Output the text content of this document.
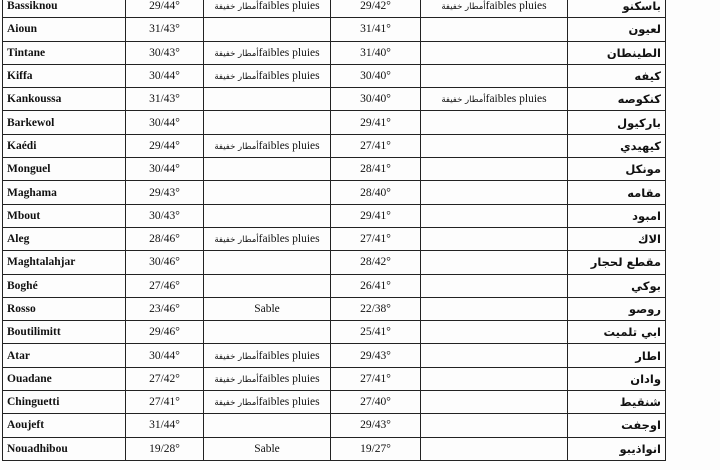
Bassiknou	29/44°	أمطار خفيفةfaibles pluies	29/42°	أمطار خفيفةfaibles pluies	باسكنو
Aioun	31/43°		31/41°		لعيون
Tintane	30/43°	أمطار خفيفةfaibles pluies	31/40°		الطينطان
Kiffa	30/44°	أمطار خفيفةfaibles pluies	30/40°		كيفه
Kankoussa	31/43°		30/40°	أمطار خفيفةfaibles pluies	كنكوصه
Barkewol	30/44°		29/41°		باركيول
Kaédi	29/44°	أمطار خفيفةfaibles pluies	27/41°		كيهيدي
Monguel	30/44°		28/41°		مونكل
Maghama	29/43°		28/40°		مقامه
Mbout	30/43°		29/41°		امبود
Aleg	28/46°	أمطار خفيفةfaibles pluies	27/41°		الاك
Maghtalahjar	30/46°		28/42°		مقطع لحجار
Boghé	27/46°		26/41°		بوكي
Rosso	23/46°	Sable	22/38°		روصو
Boutilimitt	29/46°		25/41°		ابي تلميت
Atar	30/44°	أمطار خفيفةfaibles pluies	29/43°		اطار
Ouadane	27/42°	أمطار خفيفةfaibles pluies	27/41°		وادان
Chinguetti	27/41°	أمطار خفيفةfaibles pluies	27/40°		شنقيط
Aoujeft	31/44°		29/43°		اوجفت
Nouadhibou	19/28°	Sable	19/27°		انواذيبو
